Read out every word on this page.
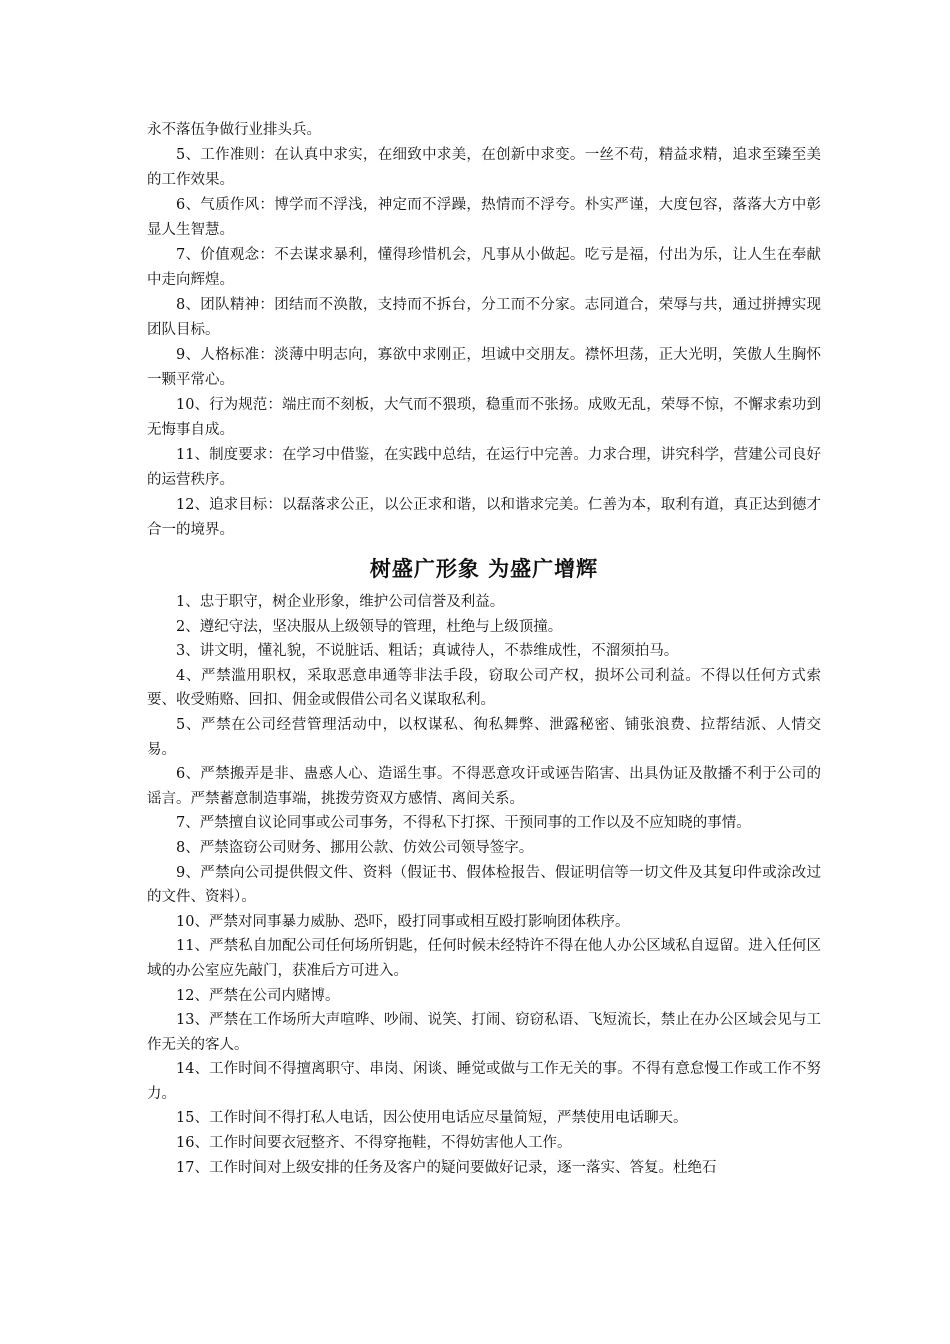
永不落伍争做行业排头兵。

5、工作准则：在认真中求实，在细致中求美，在创新中求变。一丝不苟，精益求精，追求至臻至美的工作效果。

6、气质作风：博学而不浮浅，神定而不浮躁，热情而不浮夸。朴实严谨，大度包容，落落大方中彰显人生智慧。

7、价值观念：不去谋求暴利，懂得珍惜机会，凡事从小做起。吃亏是福，付出为乐，让人生在奉献中走向辉煌。

8、团队精神：团结而不涣散，支持而不拆台，分工而不分家。志同道合，荣辱与共，通过拼搏实现团队目标。

9、人格标准：淡薄中明志向，寡欲中求刚正，坦诚中交朋友。襟怀坦荡，正大光明，笑傲人生胸怀一颗平常心。

10、行为规范：端庄而不刻板，大气而不猥琐，稳重而不张扬。成败无乱，荣辱不惊，不懈求索功到无悔事自成。

11、制度要求：在学习中借鉴，在实践中总结，在运行中完善。力求合理，讲究科学，营建公司良好的运营秩序。

12、追求目标：以磊落求公正，以公正求和谐，以和谐求完美。仁善为本，取利有道，真正达到德才合一的境界。

树盛广形象 为盛广增辉

1、忠于职守，树企业形象，维护公司信誉及利益。

2、遵纪守法，坚决服从上级领导的管理，杜绝与上级顶撞。

3、讲文明，懂礼貌，不说脏话、粗话；真诚待人，不恭维成性，不溜须拍马。

4、严禁滥用职权，采取恶意串通等非法手段，窃取公司产权，损坏公司利益。不得以任何方式索要、收受贿赂、回扣、佣金或假借公司名义谋取私利。

5、严禁在公司经营管理活动中，以权谋私、徇私舞弊、泄露秘密、铺张浪费、拉帮结派、人情交易。

6、严禁搬弄是非、蛊惑人心、造谣生事。不得恶意攻讦或诬告陷害、出具伪证及散播不利于公司的谣言。严禁蓄意制造事端，挑拨劳资双方感情、离间关系。

7、严禁擅自议论同事或公司事务，不得私下打探、干预同事的工作以及不应知晓的事情。

8、严禁盗窃公司财务、挪用公款、仿效公司领导签字。

9、严禁向公司提供假文件、资料（假证书、假体检报告、假证明信等一切文件及其复印件或涂改过的文件、资料）。

10、严禁对同事暴力威胁、恐吓，殴打同事或相互殴打影响团体秩序。

11、严禁私自加配公司任何场所钥匙，任何时候未经特许不得在他人办公区域私自逗留。进入任何区域的办公室应先敲门，获准后方可进入。

12、严禁在公司内赌博。

13、严禁在工作场所大声喧哗、吵闹、说笑、打闹、窃窃私语、飞短流长，禁止在办公区域会见与工作无关的客人。

14、工作时间不得擅离职守、串岗、闲谈、睡觉或做与工作无关的事。不得有意怠慢工作或工作不努力。

15、工作时间不得打私人电话，因公使用电话应尽量简短，严禁使用电话聊天。

16、工作时间要衣冠整齐、不得穿拖鞋，不得妨害他人工作。

17、工作时间对上级安排的任务及客户的疑问要做好记录，逐一落实、答复。杜绝石
